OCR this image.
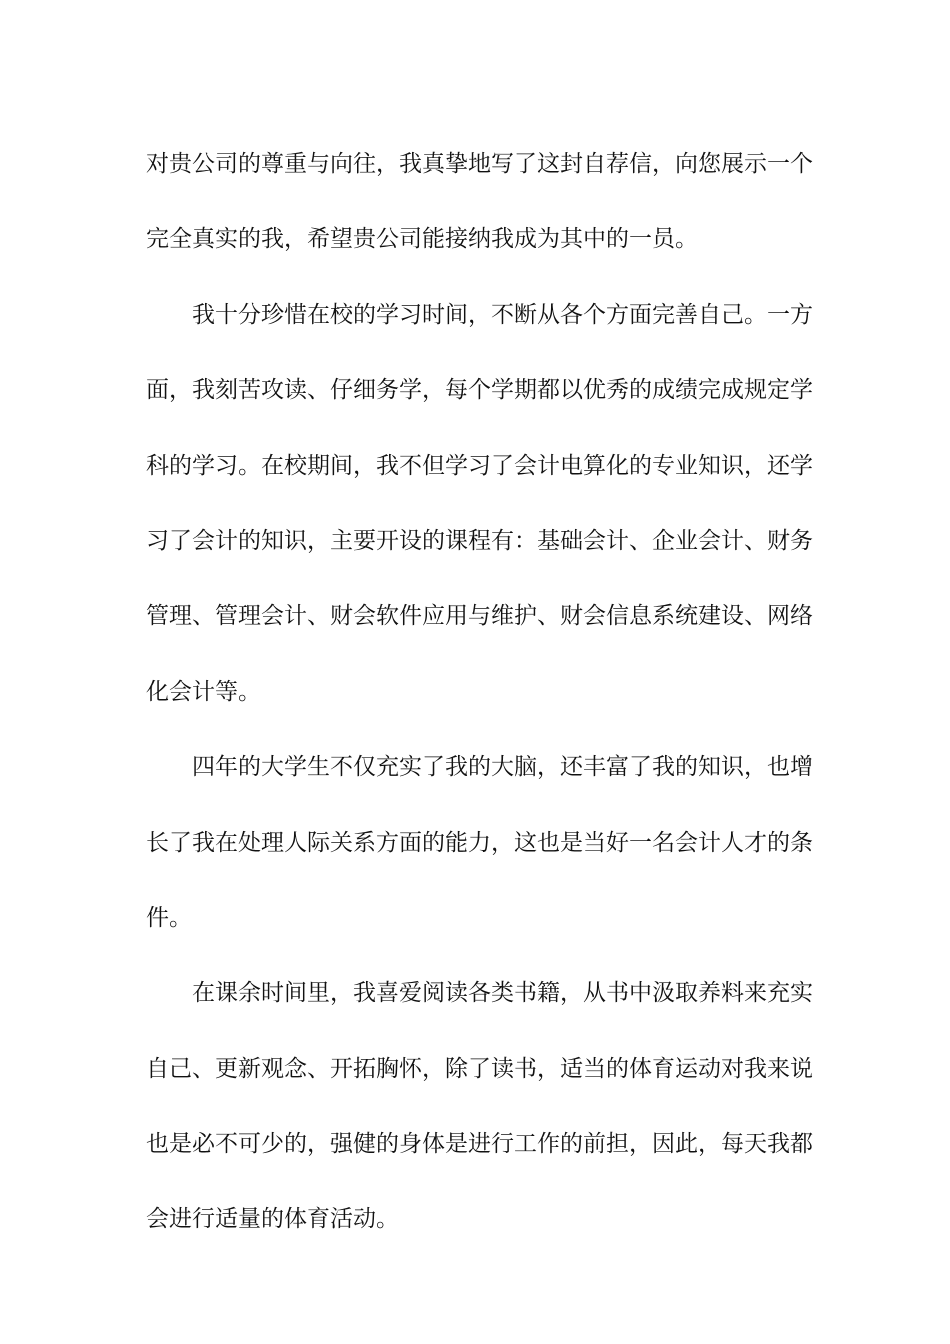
对贵公司的尊重与向往，我真挚地写了这封自荐信，向您展示一个
完全真实的我，希望贵公司能接纳我成为其中的一员。
我十分珍惜在校的学习时间，不断从各个方面完善自己。一方
面，我刻苦攻读、仔细务学，每个学期都以优秀的成绩完成规定学
科的学习。在校期间，我不但学习了会计电算化的专业知识，还学
习了会计的知识，主要开设的课程有：基础会计、企业会计、财务
管理、管理会计、财会软件应用与维护、财会信息系统建设、网络
化会计等。
四年的大学生不仅充实了我的大脑，还丰富了我的知识，也增
长了我在处理人际关系方面的能力，这也是当好一名会计人才的条
件。
在课余时间里，我喜爱阅读各类书籍，从书中汲取养料来充实
自己、更新观念、开拓胸怀，除了读书，适当的体育运动对我来说
也是必不可少的，强健的身体是进行工作的前担，因此，每天我都
会进行适量的体育活动。
